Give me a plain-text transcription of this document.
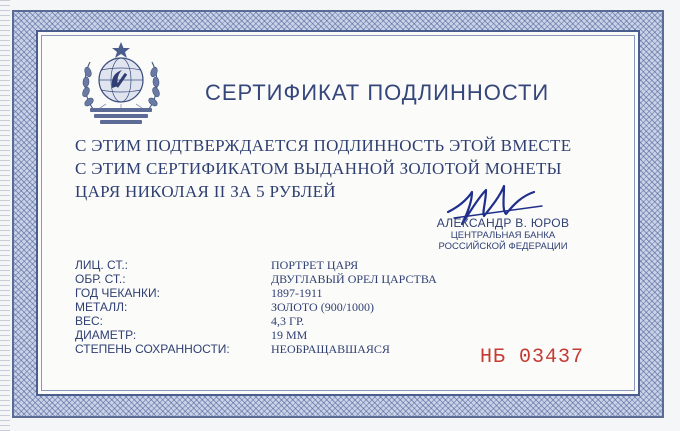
СЕРТИФИКАТ ПОДЛИННОСТИ
С ЭТИМ ПОДТВЕРЖДАЕТСЯ ПОДЛИННОСТЬ ЭТОЙ ВМЕСТЕ
С ЭТИМ СЕРТИФИКАТОМ ВЫДАННОЙ ЗОЛОТОЙ МОНЕТЫ
ЦАРЯ НИКОЛАЯ II ЗА 5 РУБЛЕЙ
АЛЕКСАНДР В. ЮРОВ
ЦЕНТРАЛЬНАЯ БАНКА
РОССИЙСКОЙ ФЕДЕРАЦИИ
ЛИЦ. СТ.:	ПОРТРЕТ ЦАРЯ
ОБР. СТ.:	ДВУГЛАВЫЙ ОРЕЛ ЦАРСТВА
ГОД ЧЕКАНКИ:	1897-1911
МЕТАЛЛ:	ЗОЛОТО (900/1000)
ВЕС:	4,3 ГР.
ДИАМЕТР:	19 ММ
СТЕПЕНЬ СОХРАННОСТИ:	НЕОБРАЩАВШАЯСЯ	НБ 03437
